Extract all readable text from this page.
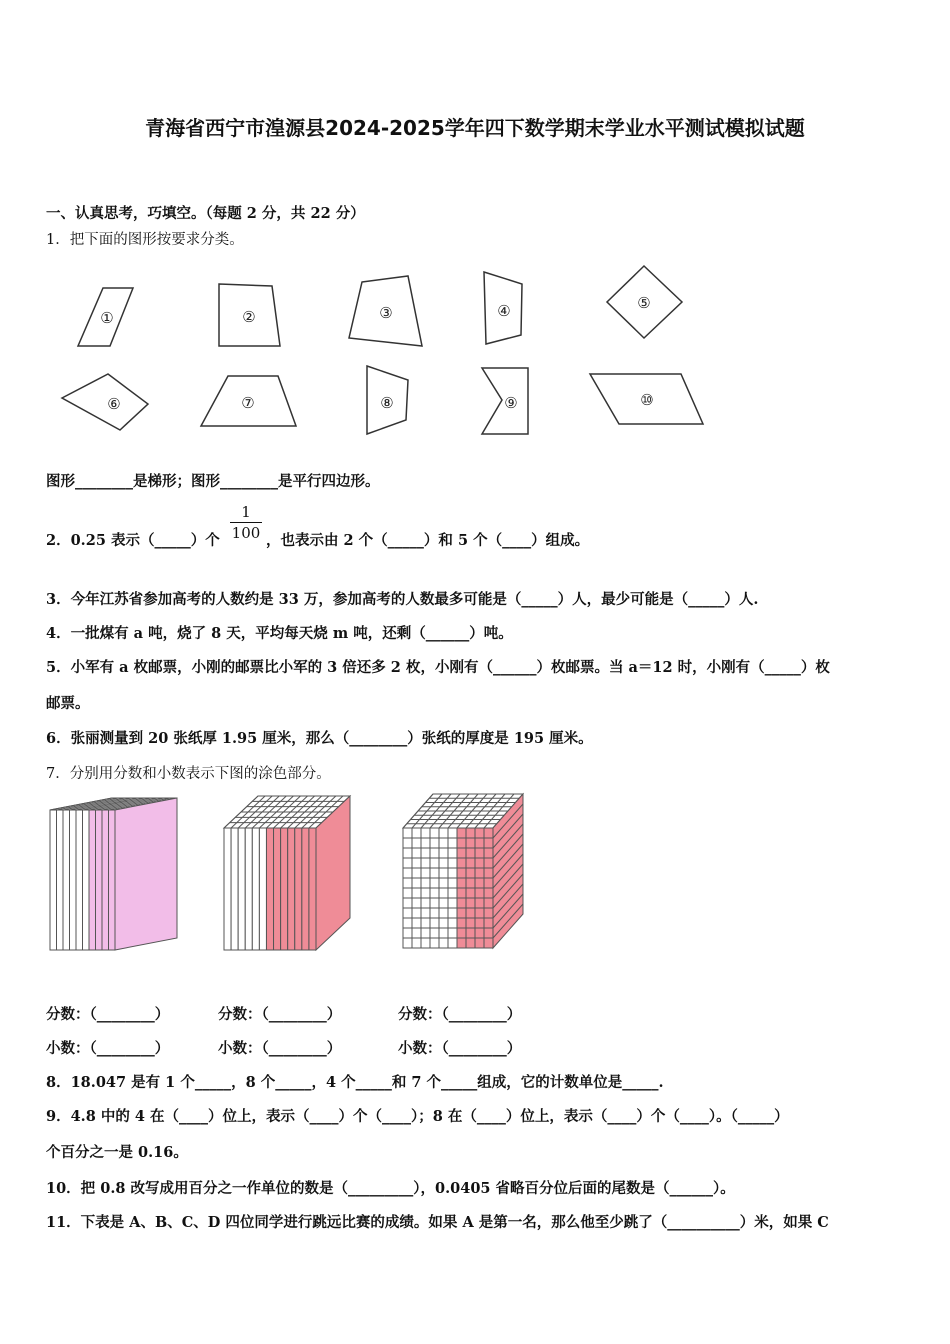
青海省西宁市湟源县2024-2025学年四下数学期末学业水平测试模拟试题
一、认真思考，巧填空。（每题 2 分，共 22 分）
1．把下面的图形按要求分类。
①	②	③	④	⑤
⑥	⑦	⑧	⑨	⑩
图形________是梯形；图形________是平行四边形。
2．0.25 表示（_____）个
1
100 ，也表示由 2 个（_____）和 5 个（____）组成。
3．今年江苏省参加高考的人数约是 33 万，参加高考的人数最多可能是（_____）人，最少可能是（_____）人.
4．一批煤有 a 吨，烧了 8 天，平均每天烧 m 吨，还剩（______）吨。
5．小军有 a 枚邮票，小刚的邮票比小军的 3 倍还多 2 枚，小刚有（______）枚邮票。当 a＝12 时，小刚有（_____）枚
邮票。
6．张丽测量到 20 张纸厚 1.95 厘米，那么（________）张纸的厚度是 195 厘米。
7．分别用分数和小数表示下图的涂色部分。
分数：（________）	分数：（________）	分数：（________）
小数：（________）	小数：（________）	小数：（________）
8．18.047 是有 1 个_____，8 个_____，4 个_____和 7 个_____组成，它的计数单位是_____.
9．4.8 中的 4 在（____）位上，表示（____）个（____）；8 在（____）位上，表示（____）个（____）。（_____）
个百分之一是 0.16。
10．把 0.8 改写成用百分之一作单位的数是（_________），0.0405 省略百分位后面的尾数是（______）。
11．下表是 A、B、C、D 四位同学进行跳远比赛的成绩。如果 A 是第一名，那么他至少跳了（__________）米，如果 C
